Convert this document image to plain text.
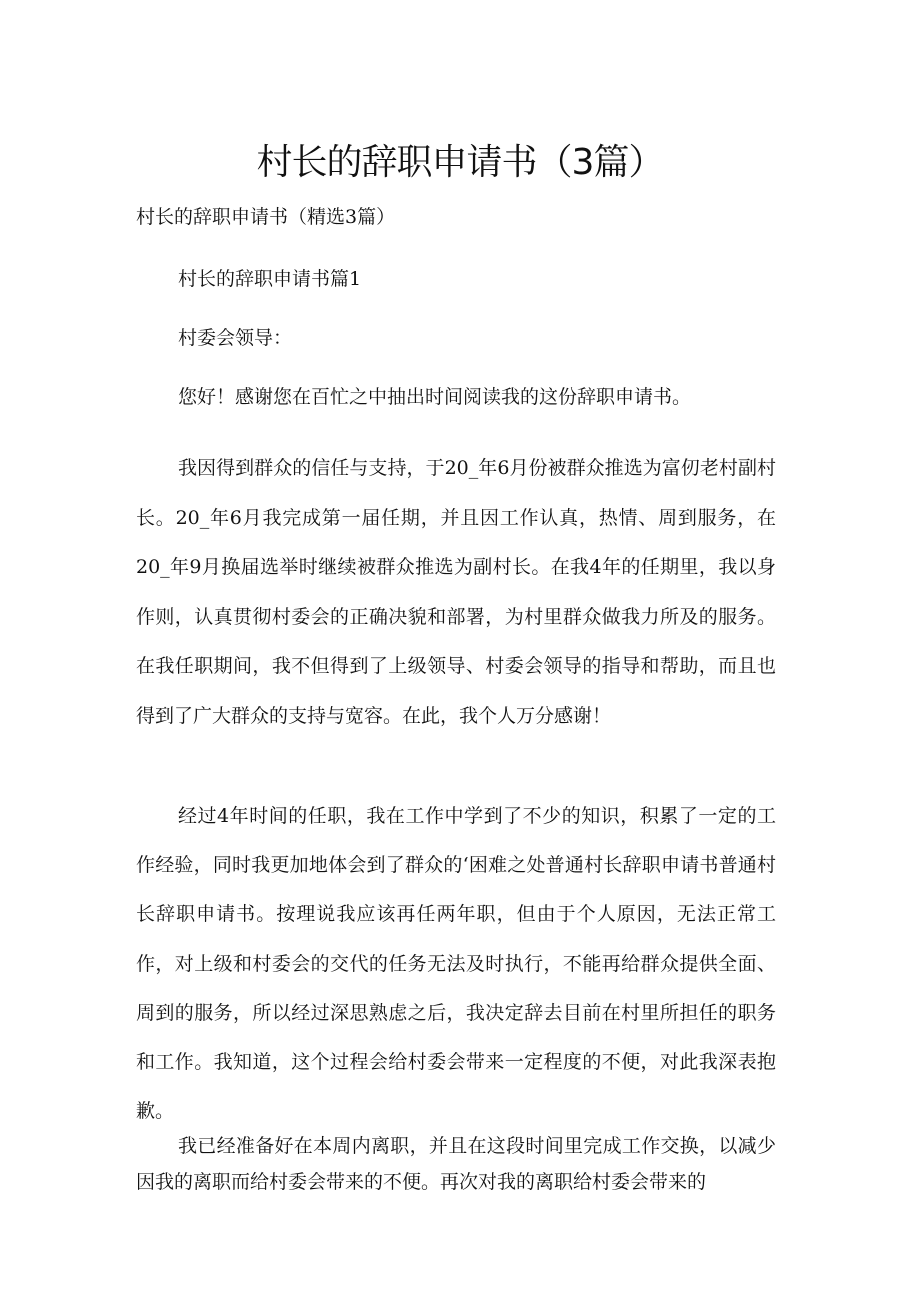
村长的辞职申请书（3篇）
村长的辞职申请书（精选3篇）
村长的辞职申请书篇1
村委会领导：
您好！感谢您在百忙之中抽出时间阅读我的这份辞职申请书。

我因得到群众的信任与支持，于20_年6月份被群众推选为富仞老村副村长。20_年6月我完成第一届任期，并且因工作认真，热情、周到服务，在20_年9月换届选举时继续被群众推选为副村长。在我4年的任期里，我以身作则，认真贯彻村委会的正确决貌和部署，为村里群众做我力所及的服务。在我任职期间，我不但得到了上级领导、村委会领导的指导和帮助，而且也得到了广大群众的支持与宽容。在此，我个人万分感谢！

经过4年时间的任职，我在工作中学到了不少的知识，积累了一定的工作经验，同时我更加地体会到了群众的‘困难之处普通村长辞职申请书普通村长辞职申请书。按理说我应该再任两年职，但由于个人原因，无法正常工作，对上级和村委会的交代的任务无法及时执行，不能再给群众提供全面、周到的服务，所以经过深思熟虑之后，我决定辞去目前在村里所担任的职务和工作。我知道，这个过程会给村委会带来一定程度的不便，对此我深表抱歉。

我已经准备好在本周内离职，并且在这段时间里完成工作交换，以减少因我的离职而给村委会带来的不便。再次对我的离职给村委会带来的
